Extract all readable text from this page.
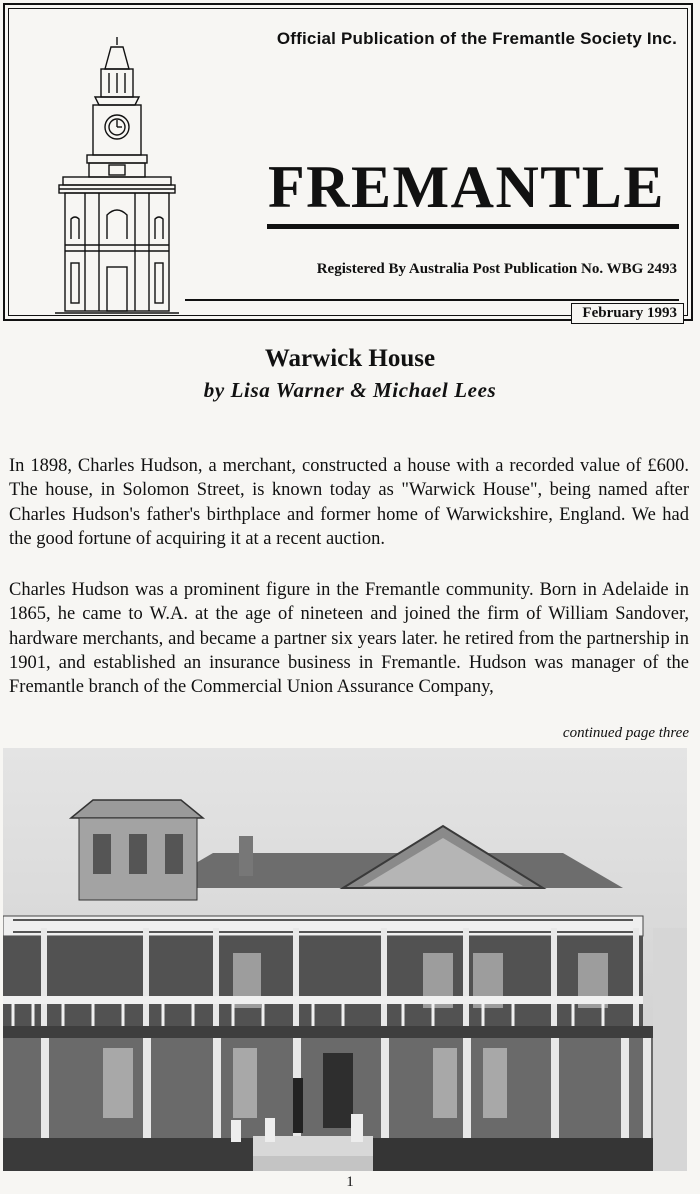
Official Publication of the Fremantle Society Inc.
FREMANTLE
Registered By Australia Post Publication No. WBG 2493
February 1993
Warwick House
by Lisa Warner & Michael Lees

In 1898, Charles Hudson, a merchant, constructed a house with a recorded value of £600. The house, in Solomon Street, is known today as "Warwick House", being named after Charles Hudson's father's birthplace and former home of Warwickshire, England. We had the good fortune of acquiring it at a recent auction.

Charles Hudson was a prominent figure in the Fremantle community. Born in Adelaide in 1865, he came to W.A. at the age of nineteen and joined the firm of William Sandover, hardware merchants, and became a partner six years later. he retired from the partnership in 1901, and established an insurance business in Fremantle. Hudson was manager of the Fremantle branch of the Commercial Union Assurance Company,

continued page three
1
